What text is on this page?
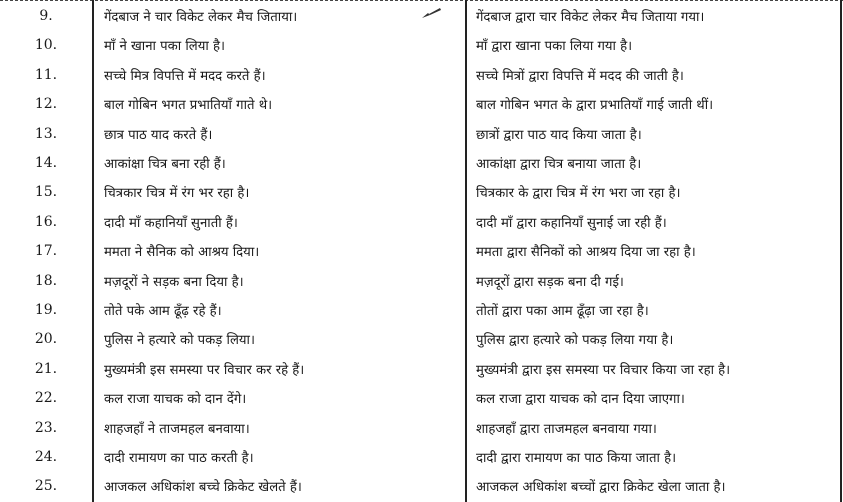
9.	गेंदबाज ने चार विकेट लेकर मैच जिताया।	गेंदबाज द्वारा चार विकेट लेकर मैच जिताया गया।
10.	माँ ने खाना पका लिया है।	माँ द्वारा खाना पका लिया गया है।
11.	सच्चे मित्र विपत्ति में मदद करते हैं।	सच्चे मित्रों द्वारा विपत्ति में मदद की जाती है।
12.	बाल गोबिन भगत प्रभातियाँ गाते थे।	बाल गोबिन भगत के द्वारा प्रभातियाँ गाई जाती थीं।
13.	छात्र पाठ याद करते हैं।	छात्रों द्वारा पाठ याद किया जाता है।
14.	आकांक्षा चित्र बना रही हैं।	आकांक्षा द्वारा चित्र बनाया जाता है।
15.	चित्रकार चित्र में रंग भर रहा है।	चित्रकार के द्वारा चित्र में रंग भरा जा रहा है।
16.	दादी माँ कहानियाँ सुनाती हैं।	दादी माँ द्वारा कहानियाँ सुनाई जा रही हैं।
17.	ममता ने सैनिक को आश्रय दिया।	ममता द्वारा सैनिकों को आश्रय दिया जा रहा है।
18.	मज़दूरों ने सड़क बना दिया है।	मज़दूरों द्वारा सड़क बना दी गई।
19.	तोते पके आम ढूँढ़ रहे हैं।	तोतों द्वारा पका आम ढूँढ़ा जा रहा है।
20.	पुलिस ने हत्यारे को पकड़ लिया।	पुलिस द्वारा हत्यारे को पकड़ लिया गया है।
21.	मुख्यमंत्री इस समस्या पर विचार कर रहे हैं।	मुख्यमंत्री द्वारा इस समस्या पर विचार किया जा रहा है।
22.	कल राजा याचक को दान देंगे।	कल राजा द्वारा याचक को दान दिया जाएगा।
23.	शाहजहाँ ने ताजमहल बनवाया।	शाहजहाँ द्वारा ताजमहल बनवाया गया।
24.	दादी रामायण का पाठ करती है।	दादी द्वारा रामायण का पाठ किया जाता है।
25.	आजकल अधिकांश बच्चे क्रिकेट खेलते हैं।	आजकल अधिकांश बच्चों द्वारा क्रिकेट खेला जाता है।
